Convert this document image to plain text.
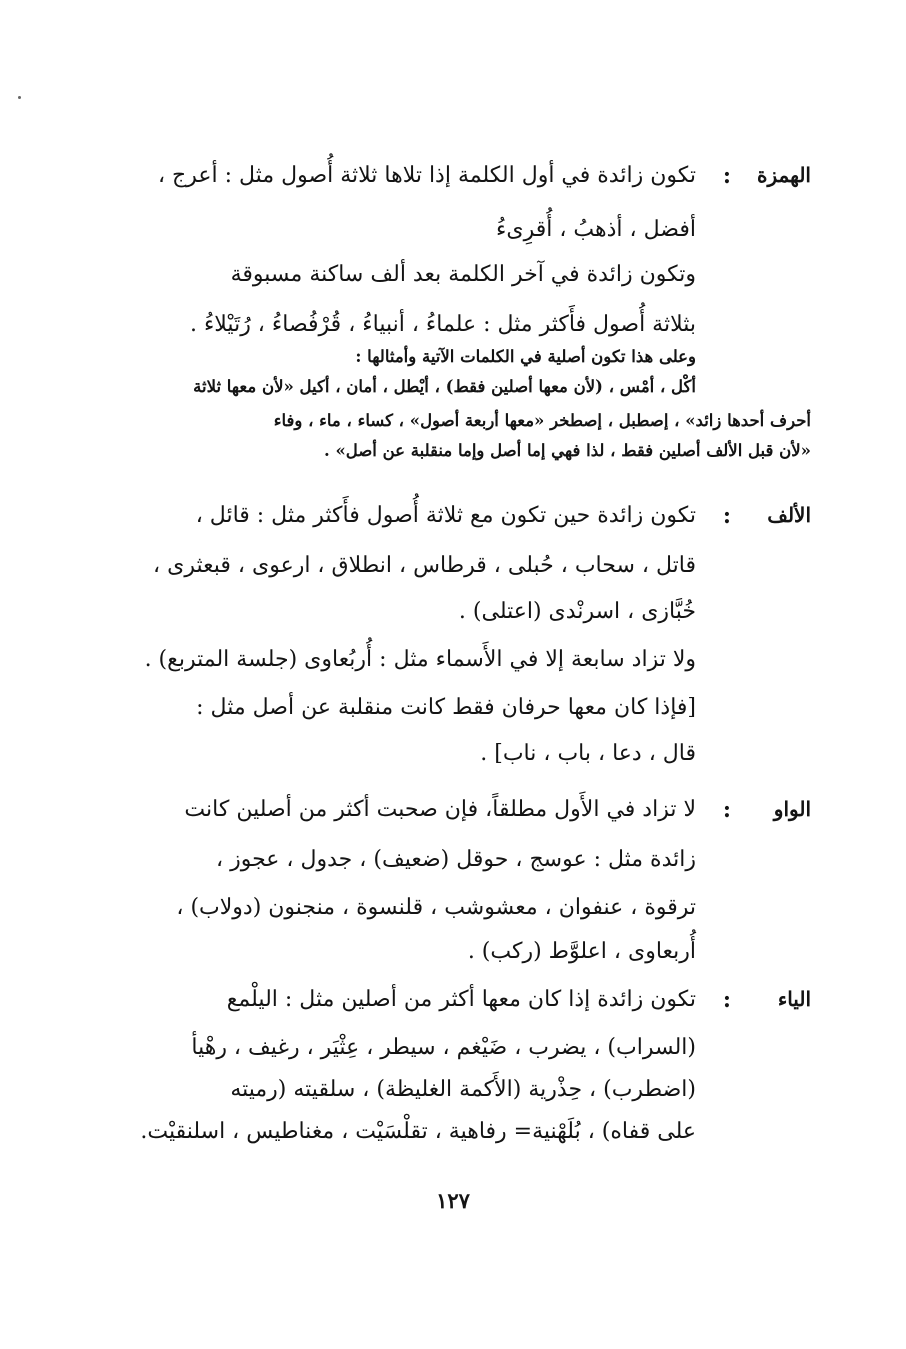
الهمزة
:
تكون زائدة في أول الكلمة إذا تلاها ثلاثة أُصول مثل : أعرج ،
أفضل ، أذهبُ ، أُقرِىءُ
وتكون زائدة في آخر الكلمة بعد ألف ساكنة مسبوقة
بثلاثة أُصول فأَكثر مثل : علماءُ ، أنبياءُ ، قُرْفُصاءُ ، رُتَيْلاءُ .
وعلى هذا تكون أصلية في الكلمات الآتية وأمثالها :
أكْل ، أمْس ، (لأن معها أصلين فقط) ، أيْطل ، أمان ، أكيل «لأن معها ثلاثة
أحرف أحدها زائد» ، إصطبل ، إصطخر «معها أربعة أصول» ، كساء ، ماء ، وفاء
«لأن قبل الألف أصلين فقط ، لذا فهي إما أصل وإما منقلبة عن أصل» .
الألف
:
تكون زائدة حين تكون مع ثلاثة أُصول فأَكثر مثل : قائل ،
قاتل ، سحاب ، حُبلى ، قرطاس ، انطلاق ، ارعوى ، قبعثرى ،
خُبَّازى ، اسرنْدى (اعتلى) .
ولا تزاد سابعة إلا في الأَسماء مثل : أُربُعاوى (جلسة المتربع) .
[فإذا كان معها حرفان فقط كانت منقلبة عن أصل مثل :
قال ، دعا ، باب ، ناب] .
الواو
:
لا تزاد في الأَول مطلقاً، فإن صحبت أكثر من أصلين كانت
زائدة مثل : عوسج ، حوقل (ضعيف) ، جدول ، عجوز ،
ترقوة ، عنفوان ، معشوشب ، قلنسوة ، منجنون (دولاب) ،
أُربعاوى ، اعلوَّط (ركب) .
الياء
:
تكون زائدة إذا كان معها أكثر من أصلين مثل : اليلْمع
(السراب) ، يضرب ، ضَيْغم ، سيطر ، عِثْيَر ، رغيف ، رهْيأ
(اضطرب) ، حِذْرية (الأَكمة الغليظة) ، سلقيته (رميته
على قفاه) ، بُلَهْنية= رفاهية ، تقلْسَيْت ، مغناطيس ، اسلنقيْت.
١٢٧
